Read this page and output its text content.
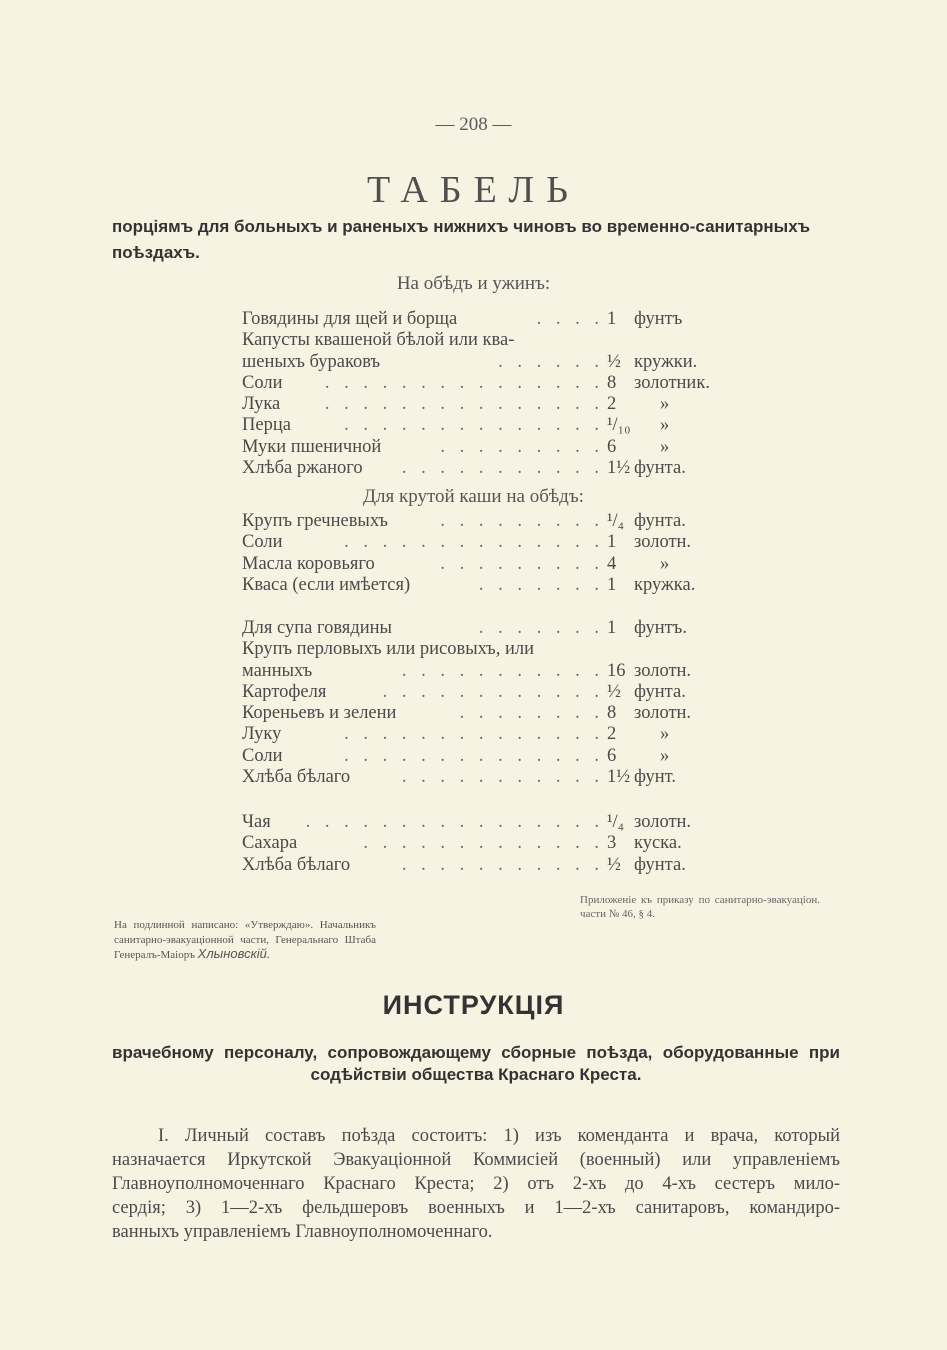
— 208 —
ТАБЕЛЬ
порціямъ для больныхъ и раненыхъ нижнихъ чиновъ во временно-санитарныхъ
поѣздахъ.
На обѣдъ и ужинъ:
Говядины для щей и борща	. . . . 1 фунтъ
Капусты квашеной бѣлой или ква-
шеныхъ бураковъ	. . . . . . ½ кружки.
Соли . . . . . . . . . . . . . . . 8 золотник.
Лука . . . . . . . . . . . . . . . 2 »
Перца	. . . . . . . . . . . . . . ¹/₁₀ »
Муки пшеничной	. . . . . . . . . 6 »
Хлѣба ржаного . . . . . . . . . . . 1½ фунта.
Для крутой каши на обѣдъ:
Крупъ гречневыхъ	. . . . . . . . . ¹/₄ фунта.
Соли	. . . . . . . . . . . . . . 1 золотн.
Масла коровьяго	. . . . . . . . . 4 »
Кваса (если имѣется)	. . . . . . . 1 кружка.
Для супа говядины	. . . . . . . 1 фунтъ.
Крупъ перловыхъ или рисовыхъ, или
манныхъ	. . . . . . . . . . . 16 золотн.
Картофеля	. . . . . . . . . . . . ½ фунта.
Кореньевъ и зелени	. . . . . . . . 8 золотн.
Луку	. . . . . . . . . . . . . . 2 »
Соли	. . . . . . . . . . . . . . 6 »
Хлѣба бѣлаго	. . . . . . . . . . . 1½ фунт.
Чая . . . . . . . . . . . . . . . . ¹/₄ золотн.
Сахара	. . . . . . . . . . . . . 3 куска.
Хлѣба бѣлаго	. . . . . . . . . . . ½ фунта.
Приложеніе къ приказу по санитарно-эвакуаціон. части № 46, § 4.
На подлинной написано: «Утверждаю». Начальникъ санитарно-эвакуаціонной части, Генеральнаго Штаба Генералъ-Маіоръ Хлыновскій.
ИНСТРУКЦІЯ
врачебному персоналу, сопровождающему сборные поѣзда, оборудованные при
содѣйствіи общества Краснаго Креста.
I. Личный составъ поѣзда состоитъ: 1) изъ коменданта и врача, который
назначается Иркутской Эвакуаціонной Коммисіей (военный) или управленіемъ
Главноуполномоченнаго Краснаго Креста; 2) отъ 2-хъ до 4-хъ сестеръ мило-
сердія; 3) 1—2-хъ фельдшеровъ военныхъ и 1—2-хъ санитаровъ, командиро-
ванныхъ управленіемъ Главноуполномоченнаго.
